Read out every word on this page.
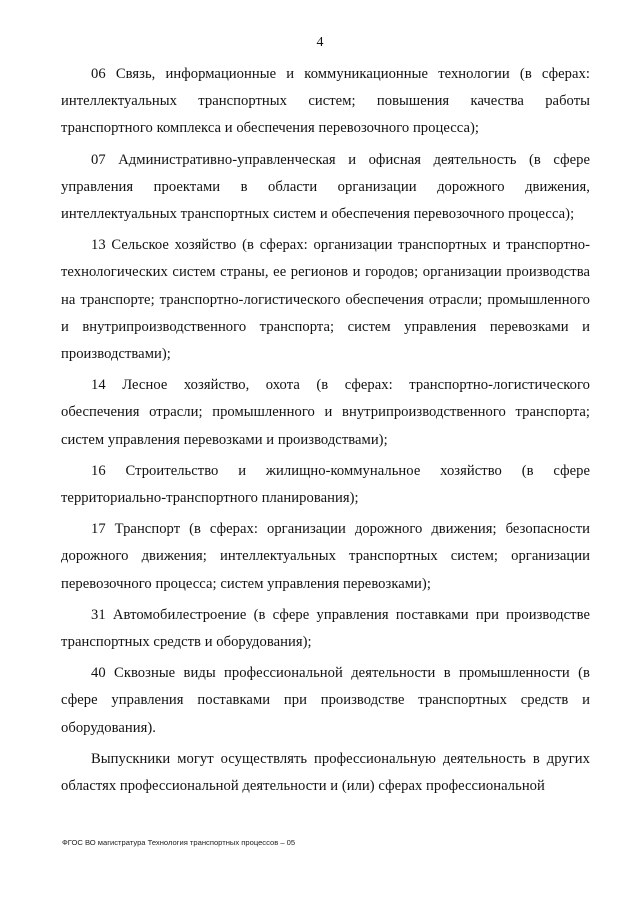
4

06 Связь, информационные и коммуникационные технологии (в сферах: интеллектуальных транспортных систем; повышения качества работы транспортного комплекса и обеспечения перевозочного процесса);

07 Административно-управленческая и офисная деятельность (в сфере управления проектами в области организации дорожного движения, интеллектуальных транспортных систем и обеспечения перевозочного процесса);

13 Сельское хозяйство (в сферах: организации транспортных и транспортно-технологических систем страны, ее регионов и городов; организации производства на транспорте; транспортно-логистического обеспечения отрасли; промышленного и внутрипроизводственного транспорта; систем управления перевозками и производствами);

14 Лесное хозяйство, охота (в сферах: транспортно-логистического обеспечения отрасли; промышленного и внутрипроизводственного транспорта; систем управления перевозками и производствами);

16 Строительство и жилищно-коммунальное хозяйство (в сфере территориально-транспортного планирования);

17 Транспорт (в сферах: организации дорожного движения; безопасности дорожного движения; интеллектуальных транспортных систем; организации перевозочного процесса; систем управления перевозками);

31 Автомобилестроение (в сфере управления поставками при производстве транспортных средств и оборудования);

40 Сквозные виды профессиональной деятельности в промышленности (в сфере управления поставками при производстве транспортных средств и оборудования).

Выпускники могут осуществлять профессиональную деятельность в других областях профессиональной деятельности и (или) сферах профессиональной

ФГОС ВО магистратура Технология транспортных процессов – 05
